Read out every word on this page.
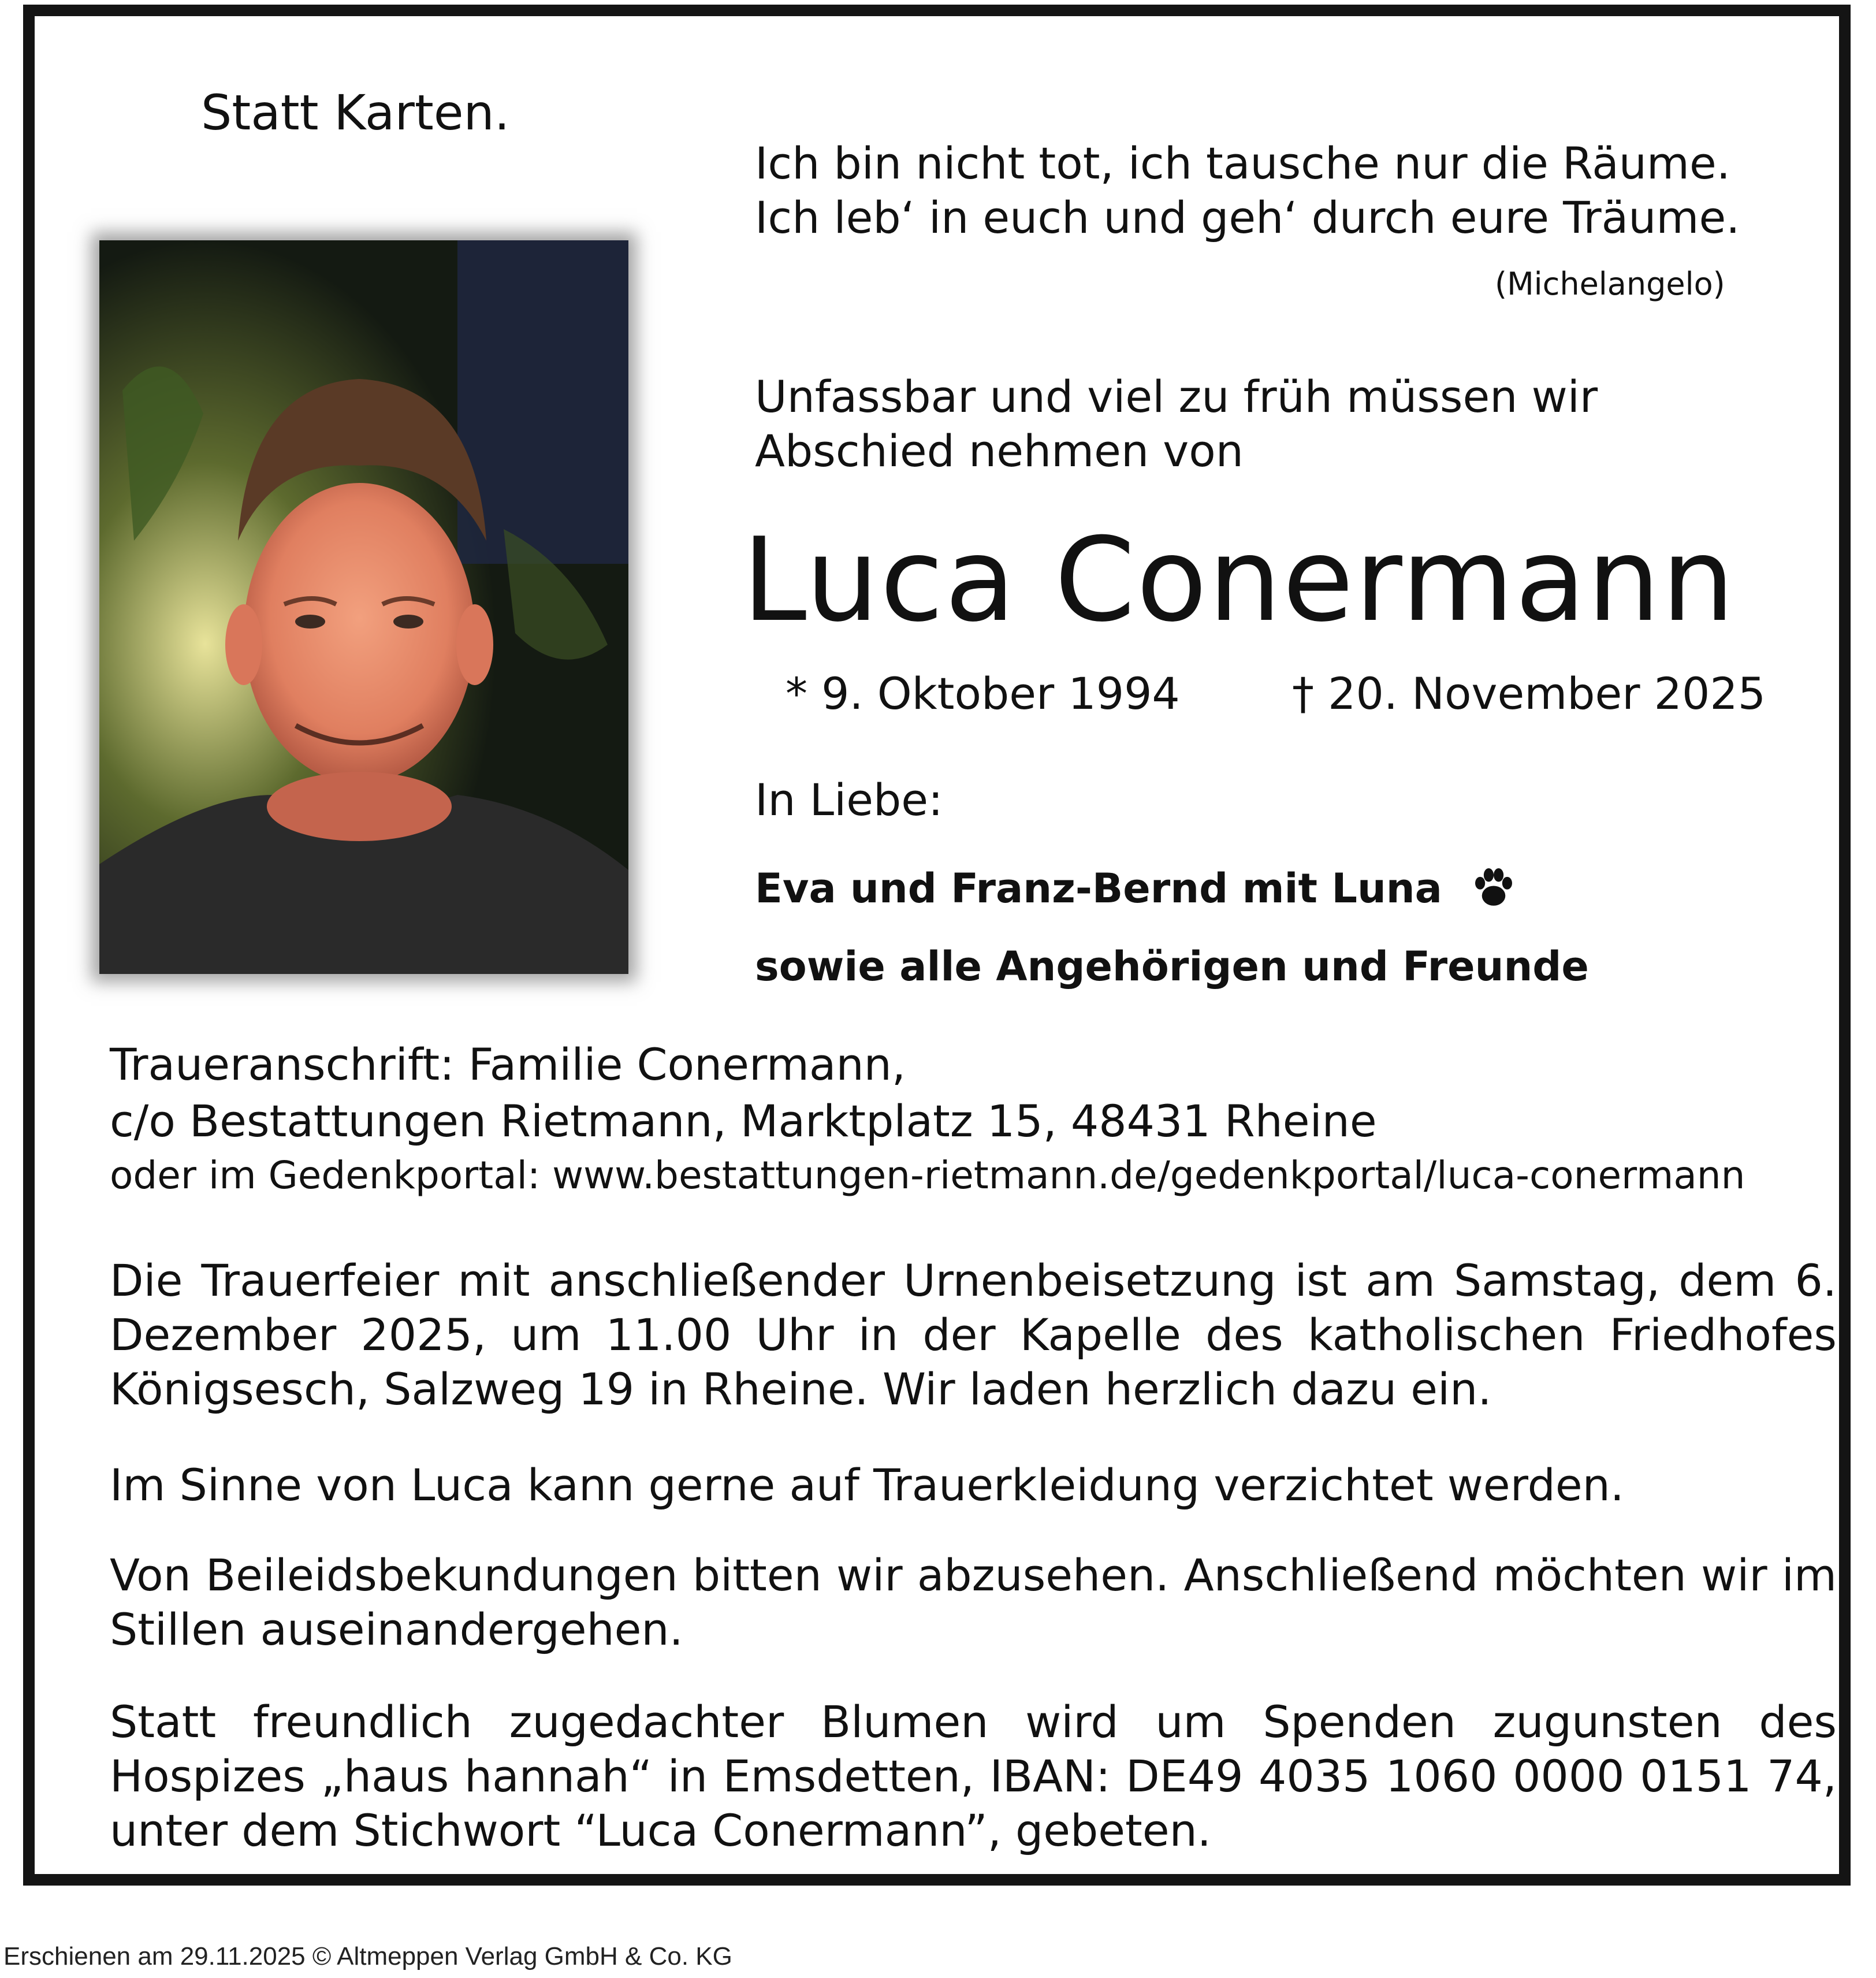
Statt Karten.
Ich bin nicht tot, ich tausche nur die Räume.
Ich leb‘ in euch und geh‘ durch eure Träume.
(Michelangelo)
Unfassbar und viel zu früh müssen wir
Abschied nehmen von
Luca Conermann
* 9. Oktober 1994	† 20. November 2025
In Liebe:
Eva und Franz-Bernd mit Luna
sowie alle Angehörigen und Freunde
Traueranschrift: Familie Conermann,
c/o Bestattungen Rietmann, Marktplatz 15, 48431 Rheine
oder im Gedenkportal: www.bestattungen-rietmann.de/gedenkportal/luca-conermann
Die Trauerfeier mit anschließender Urnenbeisetzung ist am Samstag, dem 6. Dezember 2025, um 11.00 Uhr in der Kapelle des katholischen Friedhofes Königsesch, Salzweg 19 in Rheine. Wir laden herzlich dazu ein.
Im Sinne von Luca kann gerne auf Trauerkleidung verzichtet werden.
Von Beileidsbekundungen bitten wir abzusehen. Anschließend möchten wir im Stillen auseinandergehen.
Statt freundlich zugedachter Blumen wird um Spenden zugunsten des Hospizes „haus hannah“ in Emsdetten, IBAN: DE49 4035 1060 0000 0151 74, unter dem Stichwort “Luca Conermann”, gebeten.
Erschienen am 29.11.2025 © Altmeppen Verlag GmbH & Co. KG
